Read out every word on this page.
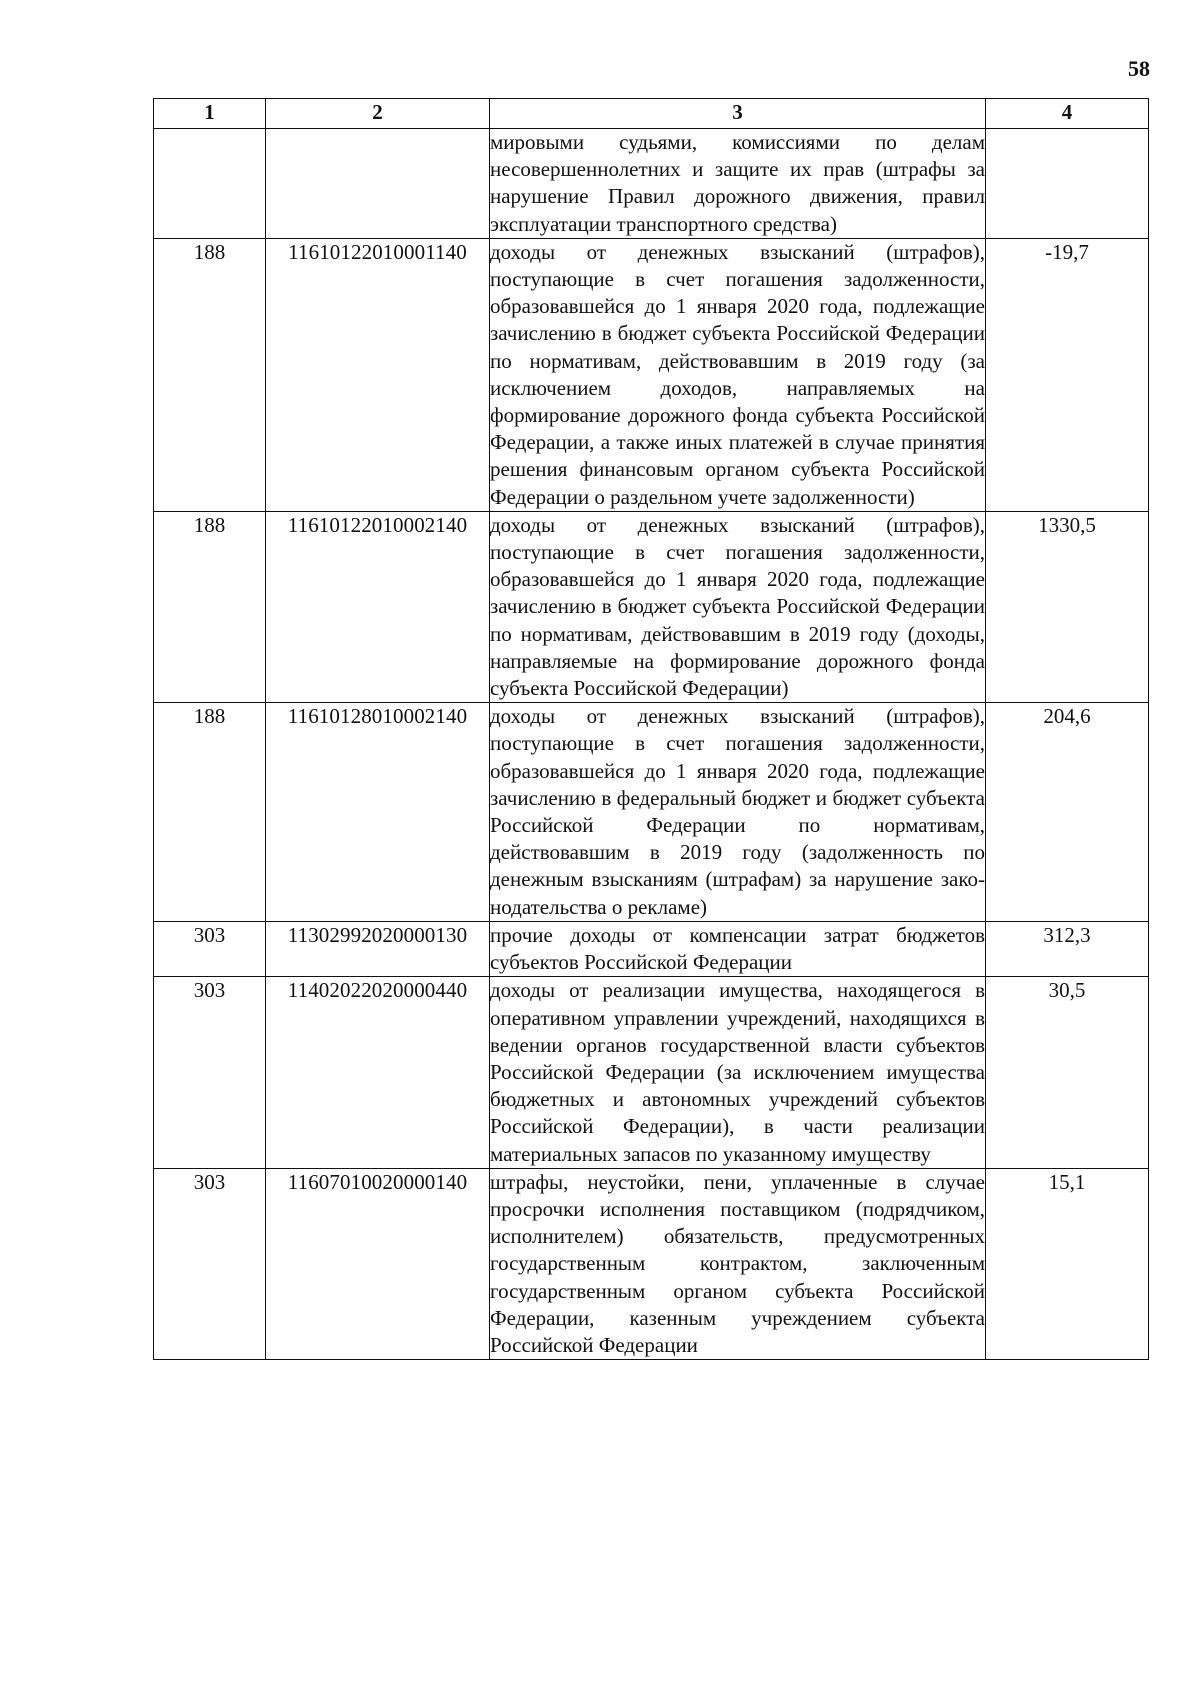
58
1	2	3	4
		мировыми судьями, комиссиями по делам несовершеннолетних и защите их прав (штрафы за нарушение Правил дорожного движения, правил эксплуатации транспортного средства)	
188	11610122010001140	доходы от денежных взысканий (штрафов), поступающие в счет погашения задолженности, образовавшейся до 1 января 2020 года, подлежащие зачислению в бюджет субъекта Российской Федерации по нормативам, действовавшим в 2019 году (за исключением доходов, направляемых на формирование дорожного фонда субъекта Российской Федерации, а также иных платежей в случае принятия решения финансовым органом субъекта Российской Федерации о раздельном учете задолженности)	-19,7
188	11610122010002140	доходы от денежных взысканий (штрафов), поступающие в счет погашения задолженности, образовавшейся до 1 января 2020 года, подлежащие зачислению в бюджет субъекта Российской Федерации по нормативам, действовавшим в 2019 году (доходы, направляемые на формирование дорожного фонда субъекта Российской Федерации)	1330,5
188	11610128010002140	доходы от денежных взысканий (штрафов), поступающие в счет погашения задолженности, образовавшейся до 1 января 2020 года, подлежащие зачислению в федеральный бюджет и бюджет субъекта Российской Федерации по нормативам, действовавшим в 2019 году (задолженность по денежным взысканиям (штрафам) за нарушение законодательства о рекламе)	204,6
303	11302992020000130	прочие доходы от компенсации затрат бюджетов субъектов Российской Федерации	312,3
303	11402022020000440	доходы от реализации имущества, находящегося в оперативном управлении учреждений, находящихся в ведении органов государственной власти субъектов Российской Федерации (за исключением имущества бюджетных и автономных учреждений субъектов Российской Федерации), в части реализации материальных запасов по указанному имуществу	30,5
303	11607010020000140	штрафы, неустойки, пени, уплаченные в случае просрочки исполнения поставщиком (подрядчиком, исполнителем) обязательств, предусмотренных государственным контрактом, заключенным государственным органом субъекта Российской Федерации, казенным учреждением субъекта Российской Федерации	15,1
